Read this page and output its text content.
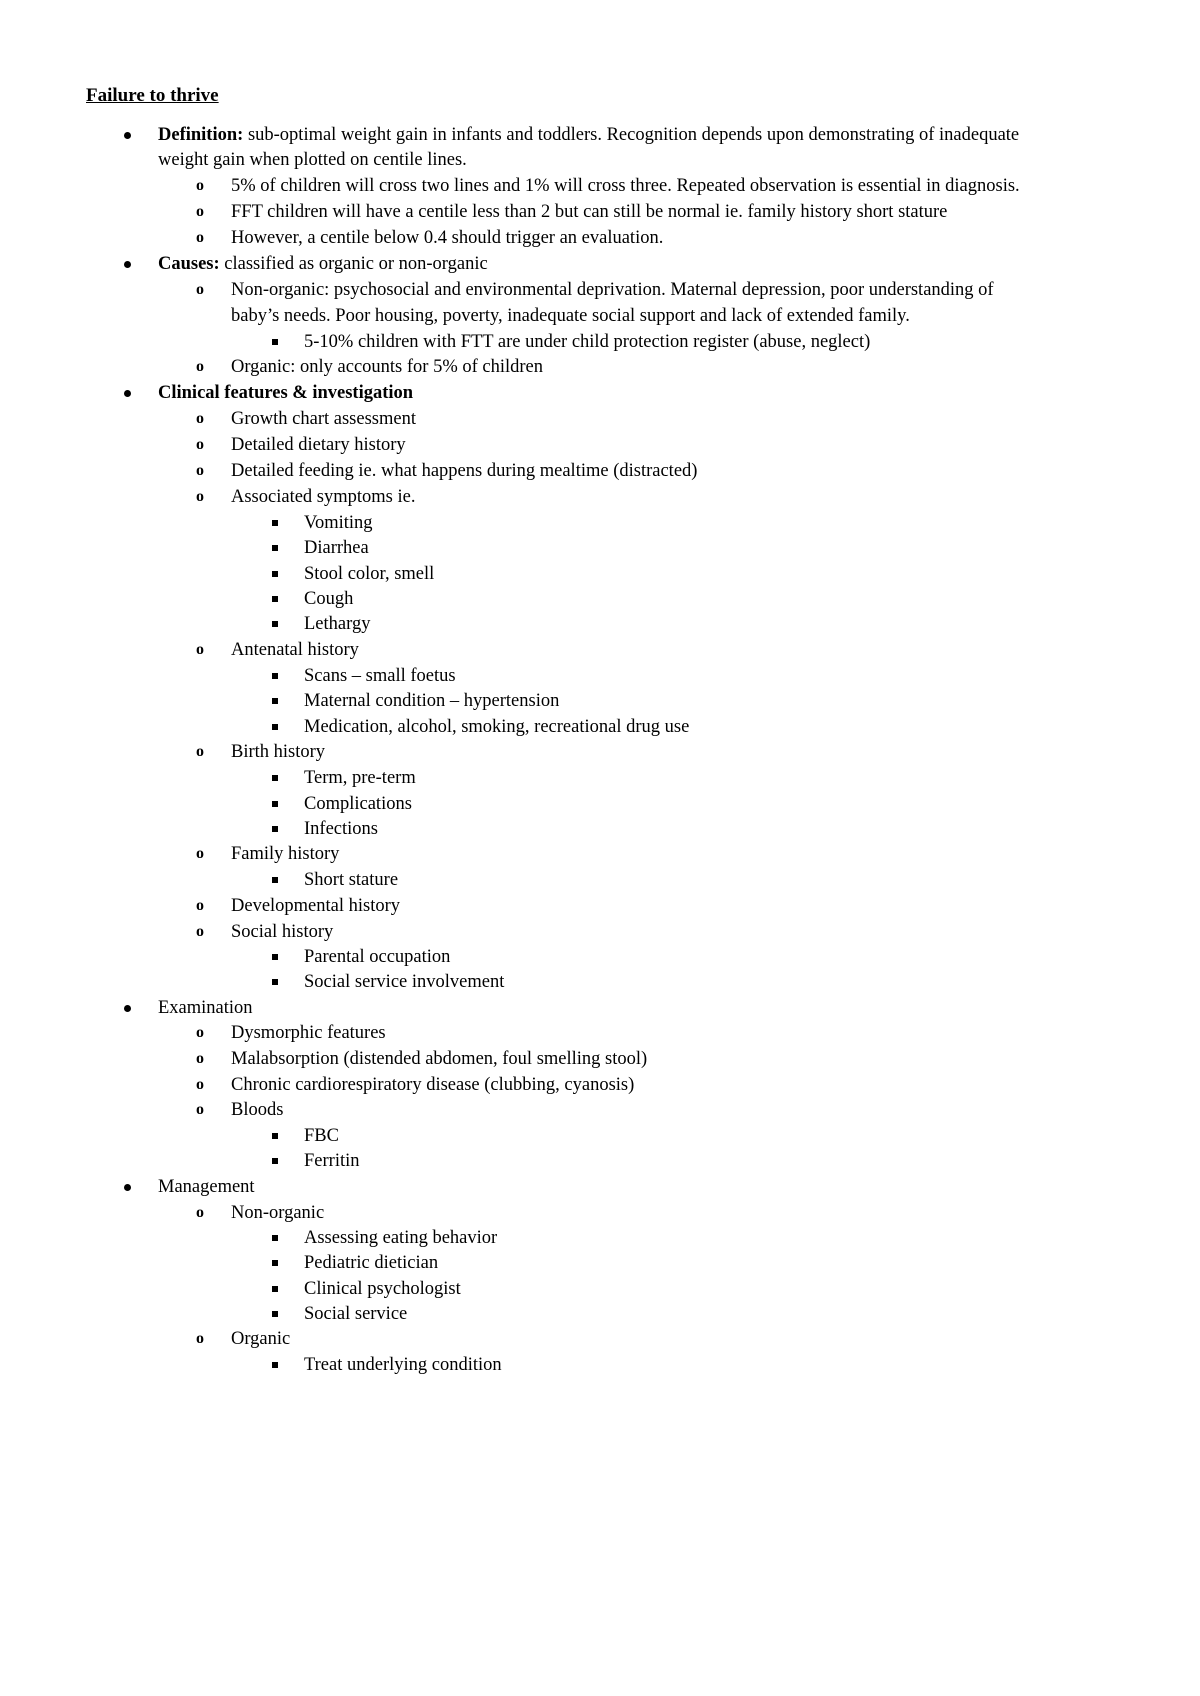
Failure to thrive
Definition: sub-optimal weight gain in infants and toddlers. Recognition depends upon demonstrating of inadequate
weight gain when plotted on centile lines.
o 5% of children will cross two lines and 1% will cross three. Repeated observation is essential in diagnosis.
o FFT children will have a centile less than 2 but can still be normal ie. family history short stature
o However, a centile below 0.4 should trigger an evaluation.
Causes: classified as organic or non-organic
o Non-organic: psychosocial and environmental deprivation. Maternal depression, poor understanding of
baby’s needs. Poor housing, poverty, inadequate social support and lack of extended family.
5-10% children with FTT are under child protection register (abuse, neglect)
o Organic: only accounts for 5% of children
Clinical features & investigation
o Growth chart assessment
o Detailed dietary history
o Detailed feeding ie. what happens during mealtime (distracted)
o Associated symptoms ie.
Vomiting
Diarrhea
Stool color, smell
Cough
Lethargy
o Antenatal history
Scans – small foetus
Maternal condition – hypertension
Medication, alcohol, smoking, recreational drug use
o Birth history
Term, pre-term
Complications
Infections
o Family history
Short stature
o Developmental history
o Social history
Parental occupation
Social service involvement
Examination
o Dysmorphic features
o Malabsorption (distended abdomen, foul smelling stool)
o Chronic cardiorespiratory disease (clubbing, cyanosis)
o Bloods
FBC
Ferritin
Management
o Non-organic
Assessing eating behavior
Pediatric dietician
Clinical psychologist
Social service
o Organic
Treat underlying condition
